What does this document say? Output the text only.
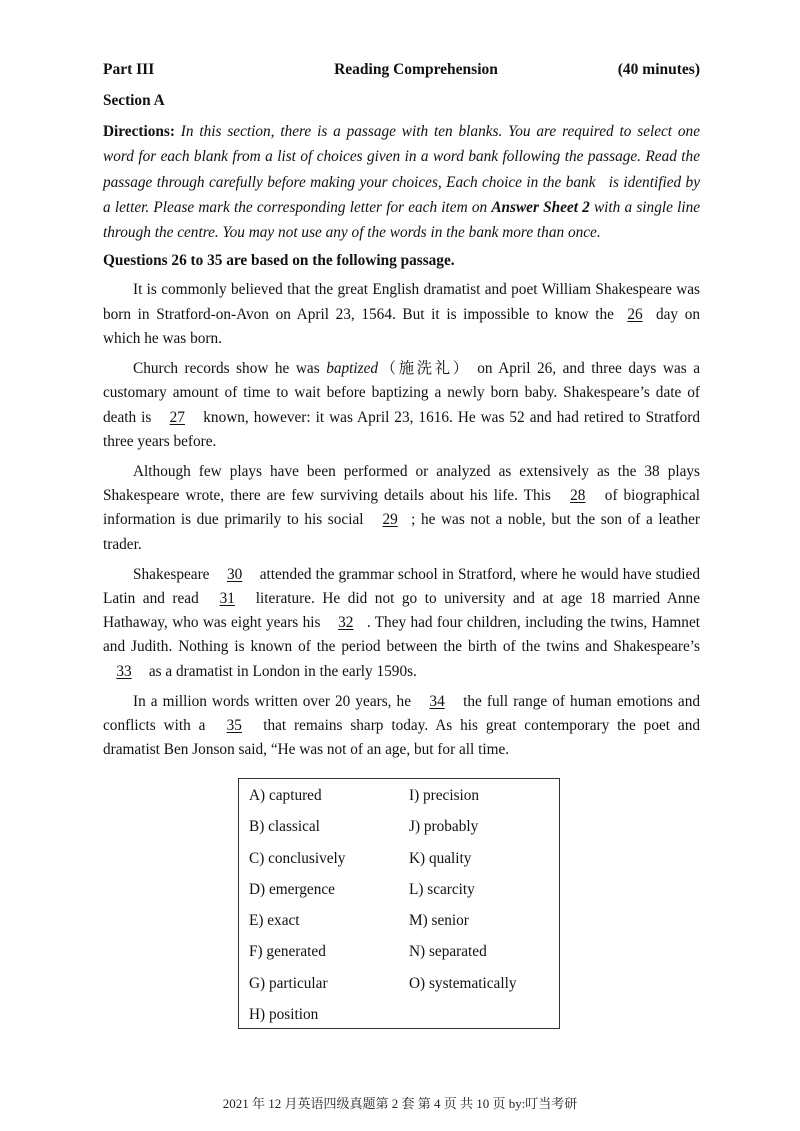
Part III	Reading Comprehension	(40 minutes)
Section A
Directions: In this section, there is a passage with ten blanks. You are required to select one word for each blank from a list of choices given in a word bank following the passage. Read the passage through carefully before making your choices, Each choice in the bank   is identified by a letter. Please mark the corresponding letter for each item on Answer Sheet 2 with a single line through the centre. You may not use any of the words in the bank more than once.
Questions 26 to 35 are based on the following passage.

It is commonly believed that the great English dramatist and poet William Shakespeare was born in Stratford-on-Avon on April 23, 1564. But it is impossible to know the 26 day on which he was born.

Church records show he was baptized（施洗礼） on April 26, and three days was a customary amount of time to wait before baptizing a newly born baby. Shakespeare’s date of death is 27 known, however: it was April 23, 1616. He was 52 and had retired to Stratford three years before.

Although few plays have been performed or analyzed as extensively as the 38 plays Shakespeare wrote, there are few surviving details about his life. This 28 of biographical information is due primarily to his social 29 ; he was not a noble, but the son of a leather trader.

Shakespeare 30 attended the grammar school in Stratford, where he would have studied Latin and read 31 literature. He did not go to university and at age 18 married Anne Hathaway, who was eight years his 32 . They had four children, including the twins, Hamnet and Judith. Nothing is known of the period between the birth of the twins and Shakespeare’s 33 as a dramatist in London in the early 1590s.

In a million words written over 20 years, he 34 the full range of human emotions and conflicts with a 35 that remains sharp today. As his great contemporary the poet and dramatist Ben Jonson said, “He was not of an age, but for all time.

A) captured	I) precision
B) classical	J) probably
C) conclusively	K) quality
D) emergence	L) scarcity
E) exact	M) senior
F) generated	N) separated
G) particular	O) systematically
H) position
2021 年 12 月英语四级真题第 2 套 第 4 页 共 10 页 by:叮当考研
